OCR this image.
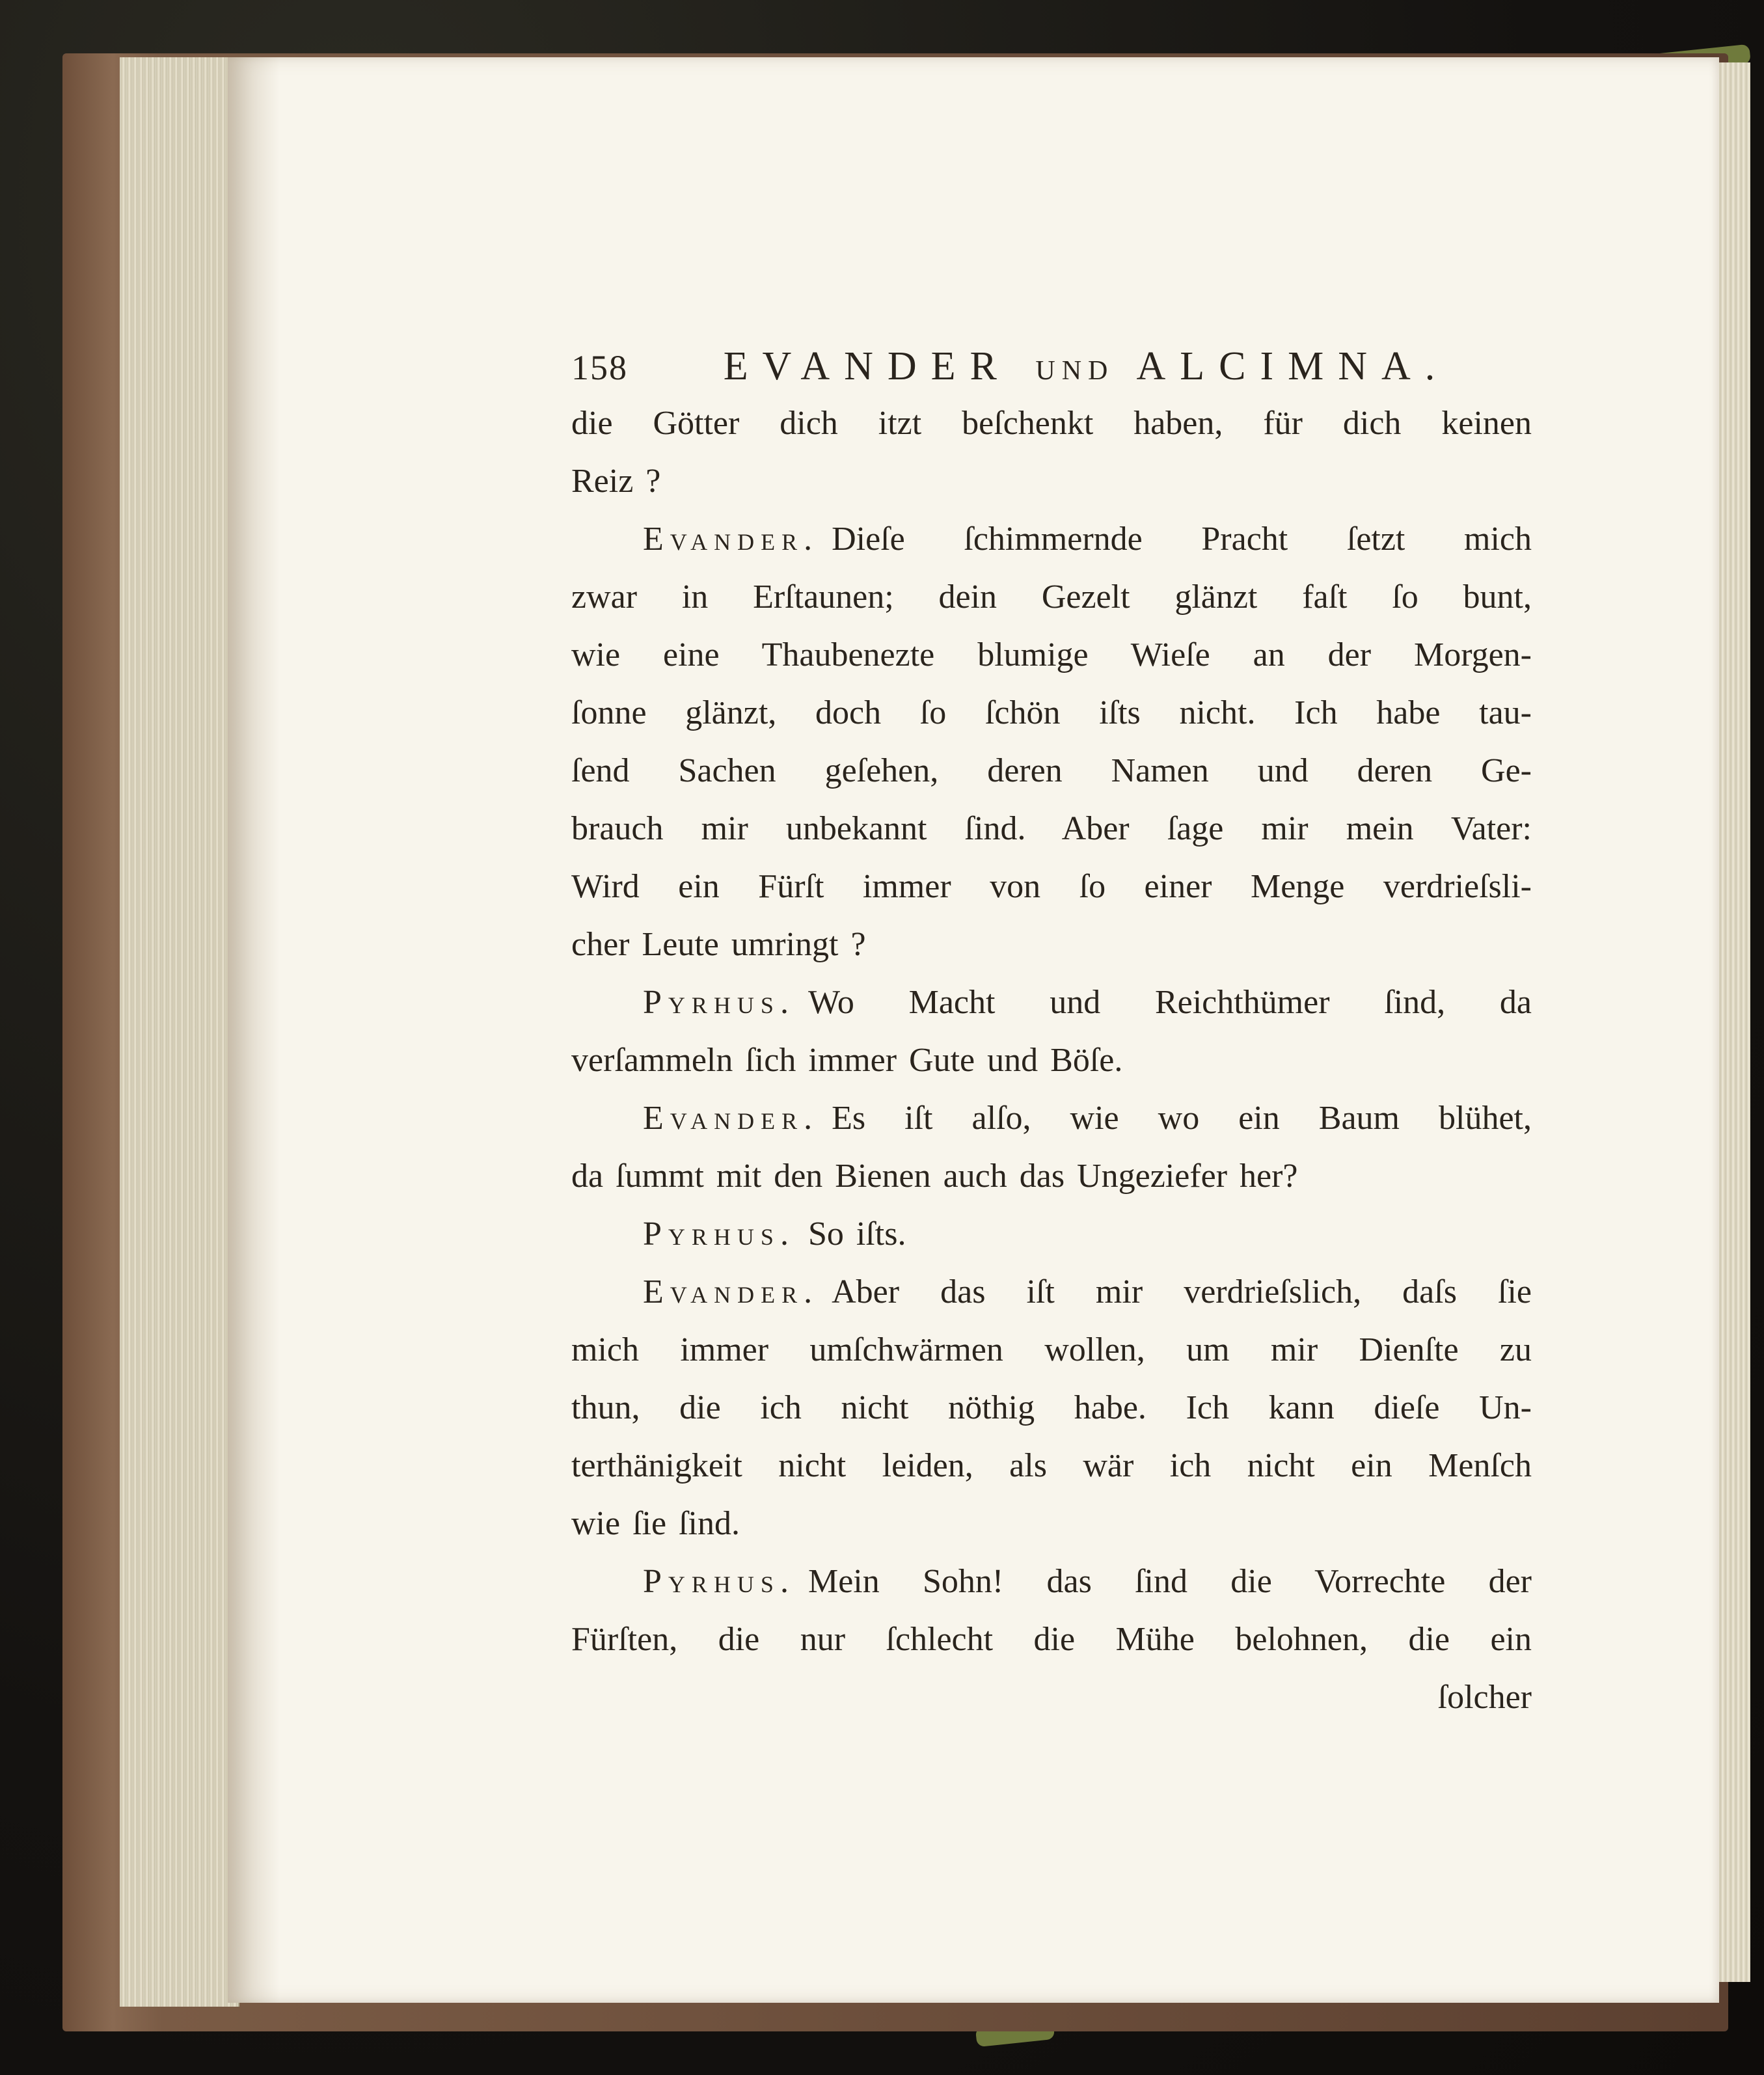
158	EVANDER UND ALCIMNA.
die Götter dich itzt beſchenkt haben, für dich keinen
Reiz ?
Evander. Dieſe ſchimmernde Pracht ſetzt mich
zwar in Erſtaunen; dein Gezelt glänzt faſt ſo bunt,
wie eine Thaubenezte blumige Wieſe an der Morgen-
ſonne glänzt, doch ſo ſchön iſts nicht. Ich habe tau-
ſend Sachen geſehen, deren Namen und deren Ge-
brauch mir unbekannt ſind. Aber ſage mir mein Vater:
Wird ein Fürſt immer von ſo einer Menge verdrieſsli-
cher Leute umringt ?
Pyrhus. Wo Macht und Reichthümer ſind, da
verſammeln ſich immer Gute und Böſe.
Evander. Es iſt alſo, wie wo ein Baum blühet,
da ſummt mit den Bienen auch das Ungeziefer her?
Pyrhus. So iſts.
Evander. Aber das iſt mir verdrieſslich, daſs ſie
mich immer umſchwärmen wollen, um mir Dienſte zu
thun, die ich nicht nöthig habe. Ich kann dieſe Un-
terthänigkeit nicht leiden, als wär ich nicht ein Menſch
wie ſie ſind.
Pyrhus. Mein Sohn! das ſind die Vorrechte der
Fürſten, die nur ſchlecht die Mühe belohnen, die ein
ſolcher
